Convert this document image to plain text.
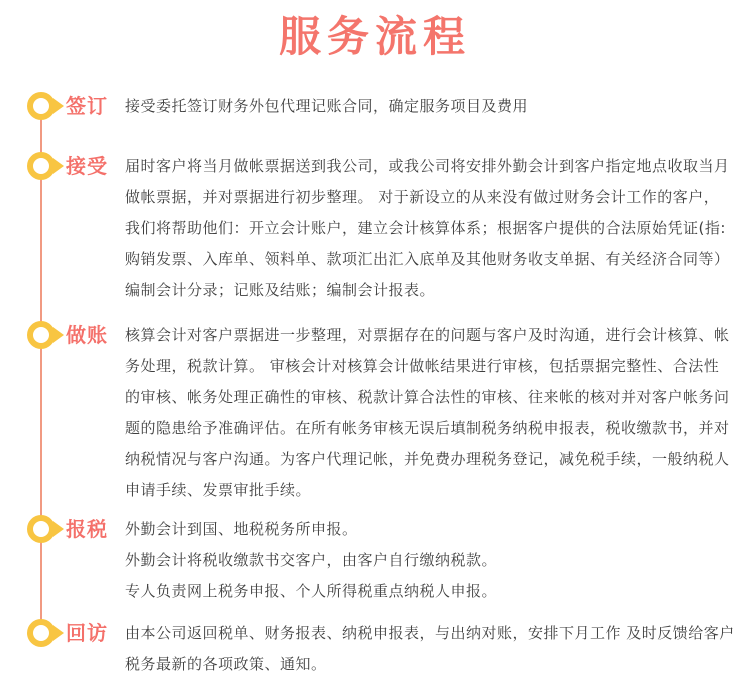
服务流程
签订	接受委托签订财务外包代理记账合同，确定服务项目及费用
接受	届时客户将当月做帐票据送到我公司，或我公司将安排外勤会计到客户指定地点收取当月
做帐票据，并对票据进行初步整理。 对于新设立的从来没有做过财务会计工作的客户，
我们将帮助他们：开立会计账户，建立会计核算体系；根据客户提供的合法原始凭证(指:
购销发票、入库单、领料单、款项汇出汇入底单及其他财务收支单据、有关经济合同等）
编制会计分录；记账及结账；编制会计报表。
做账	核算会计对客户票据进一步整理，对票据存在的问题与客户及时沟通，进行会计核算、帐
务处理，税款计算。 审核会计对核算会计做帐结果进行审核，包括票据完整性、合法性
的审核、帐务处理正确性的审核、税款计算合法性的审核、往来帐的核对并对客户帐务问
题的隐患给予准确评估。在所有帐务审核无误后填制税务纳税申报表，税收缴款书，并对
纳税情况与客户沟通。为客户代理记帐，并免费办理税务登记，减免税手续，一般纳税人
申请手续、发票审批手续。
报税	外勤会计到国、地税税务所申报。
外勤会计将税收缴款书交客户，由客户自行缴纳税款。
专人负责网上税务申报、个人所得税重点纳税人申报。
回访	由本公司返回税单、财务报表、纳税申报表，与出纳对账，安排下月工作 及时反馈给客户
税务最新的各项政策、通知。
